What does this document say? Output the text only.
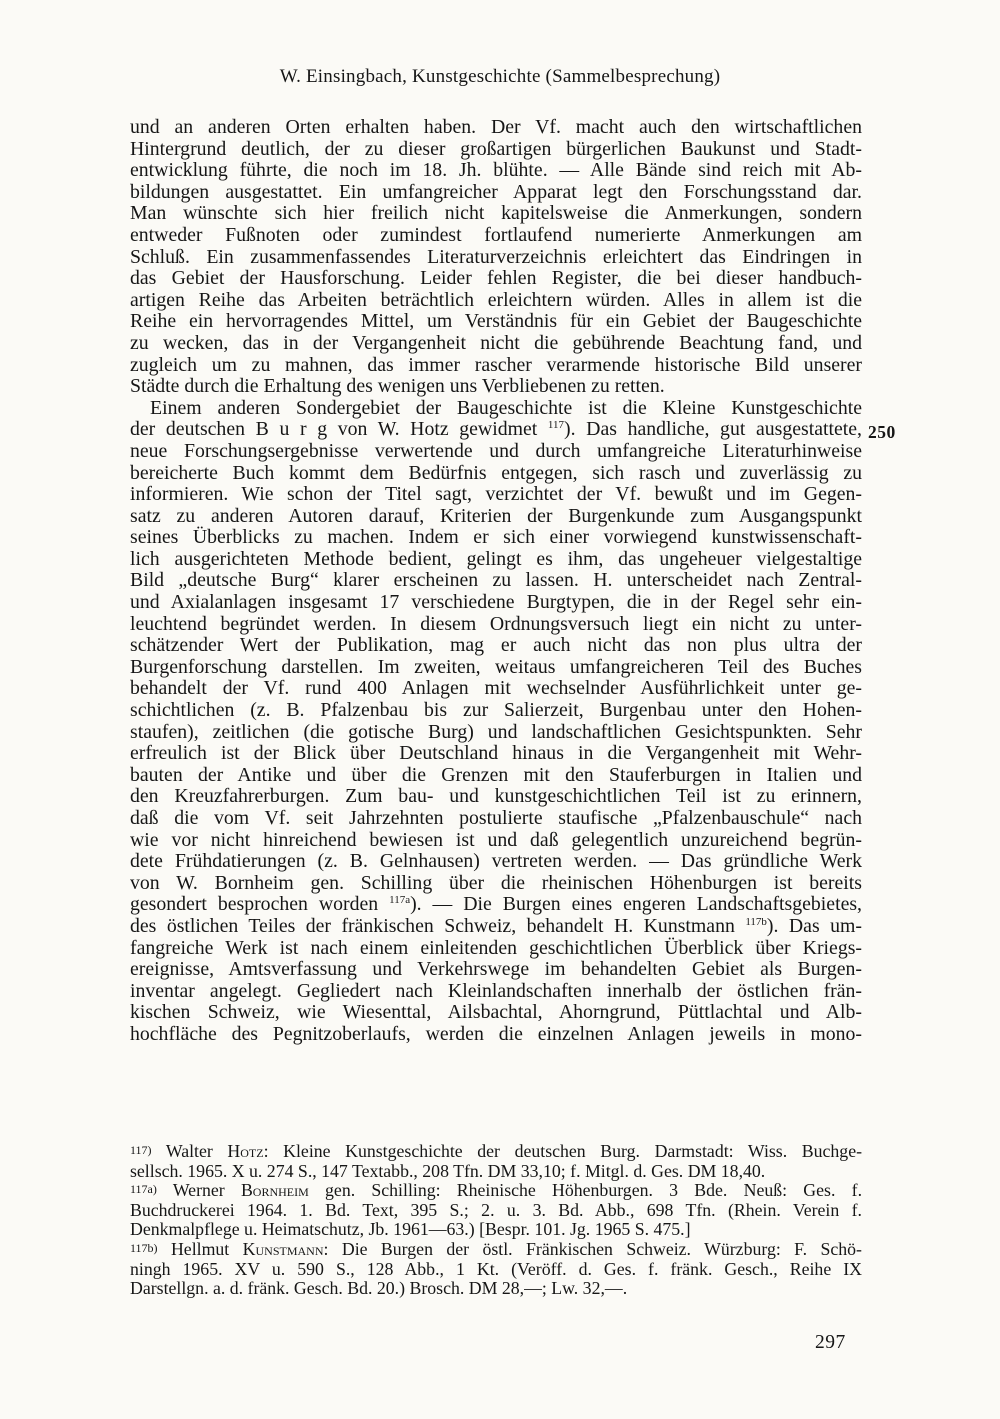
W. Einsingbach, Kunstgeschichte (Sammelbesprechung)
und an anderen Orten erhalten haben. Der Vf. macht auch den wirtschaftlichen
Hintergrund deutlich, der zu dieser großartigen bürgerlichen Baukunst und Stadt-
entwicklung führte, die noch im 18. Jh. blühte. — Alle Bände sind reich mit Ab-
bildungen ausgestattet. Ein umfangreicher Apparat legt den Forschungsstand dar.
Man wünschte sich hier freilich nicht kapitelsweise die Anmerkungen, sondern
entweder Fußnoten oder zumindest fortlaufend numerierte Anmerkungen am
Schluß. Ein zusammenfassendes Literaturverzeichnis erleichtert das Eindringen in
das Gebiet der Hausforschung. Leider fehlen Register, die bei dieser handbuch-
artigen Reihe das Arbeiten beträchtlich erleichtern würden. Alles in allem ist die
Reihe ein hervorragendes Mittel, um Verständnis für ein Gebiet der Baugeschichte
zu wecken, das in der Vergangenheit nicht die gebührende Beachtung fand, und
zugleich um zu mahnen, das immer rascher verarmende historische Bild unserer
Städte durch die Erhaltung des wenigen uns Verbliebenen zu retten.
Einem anderen Sondergebiet der Baugeschichte ist die Kleine Kunstgeschichte
der deutschen B u r g von W. Hotz gewidmet $^{117}$). Das handliche, gut ausgestattete,
neue Forschungsergebnisse verwertende und durch umfangreiche Literaturhinweise
bereicherte Buch kommt dem Bedürfnis entgegen, sich rasch und zuverlässig zu
informieren. Wie schon der Titel sagt, verzichtet der Vf. bewußt und im Gegen-
satz zu anderen Autoren darauf, Kriterien der Burgenkunde zum Ausgangspunkt
seines Überblicks zu machen. Indem er sich einer vorwiegend kunstwissenschaft-
lich ausgerichteten Methode bedient, gelingt es ihm, das ungeheuer vielgestaltige
Bild „deutsche Burg“ klarer erscheinen zu lassen. H. unterscheidet nach Zentral-
und Axialanlagen insgesamt 17 verschiedene Burgtypen, die in der Regel sehr ein-
leuchtend begründet werden. In diesem Ordnungsversuch liegt ein nicht zu unter-
schätzender Wert der Publikation, mag er auch nicht das non plus ultra der
Burgenforschung darstellen. Im zweiten, weitaus umfangreicheren Teil des Buches
behandelt der Vf. rund 400 Anlagen mit wechselnder Ausführlichkeit unter ge-
schichtlichen (z. B. Pfalzenbau bis zur Salierzeit, Burgenbau unter den Hohen-
staufen), zeitlichen (die gotische Burg) und landschaftlichen Gesichtspunkten. Sehr
erfreulich ist der Blick über Deutschland hinaus in die Vergangenheit mit Wehr-
bauten der Antike und über die Grenzen mit den Stauferburgen in Italien und
den Kreuzfahrerburgen. Zum bau- und kunstgeschichtlichen Teil ist zu erinnern,
daß die vom Vf. seit Jahrzehnten postulierte staufische „Pfalzenbauschule“ nach
wie vor nicht hinreichend bewiesen ist und daß gelegentlich unzureichend begrün-
dete Frühdatierungen (z. B. Gelnhausen) vertreten werden. — Das gründliche Werk
von W. Bornheim gen. Schilling über die rheinischen Höhenburgen ist bereits
gesondert besprochen worden $^{117a}$). — Die Burgen eines engeren Landschaftsgebietes,
des östlichen Teiles der fränkischen Schweiz, behandelt H. Kunstmann $^{117b}$). Das um-
fangreiche Werk ist nach einem einleitenden geschichtlichen Überblick über Kriegs-
ereignisse, Amtsverfassung und Verkehrswege im behandelten Gebiet als Burgen-
inventar angelegt. Gegliedert nach Kleinlandschaften innerhalb der östlichen frän-
kischen Schweiz, wie Wiesenttal, Ailsbachtal, Ahorngrund, Püttlachtal und Alb-
hochfläche des Pegnitzoberlaufs, werden die einzelnen Anlagen jeweils in mono-
250
117) Walter Hotz: Kleine Kunstgeschichte der deutschen Burg. Darmstadt: Wiss. Buchge-
sellsch. 1965. X u. 274 S., 147 Textabb., 208 Tfn. DM 33,10; f. Mitgl. d. Ges. DM 18,40.
117a) Werner Bornheim gen. Schilling: Rheinische Höhenburgen. 3 Bde. Neuß: Ges. f.
Buchdruckerei 1964. 1. Bd. Text, 395 S.; 2. u. 3. Bd. Abb., 698 Tfn. (Rhein. Verein f.
Denkmalpflege u. Heimatschutz, Jb. 1961—63.) [Bespr. 101. Jg. 1965 S. 475.]
117b) Hellmut Kunstmann: Die Burgen der östl. Fränkischen Schweiz. Würzburg: F. Schö-
ningh 1965. XV u. 590 S., 128 Abb., 1 Kt. (Veröff. d. Ges. f. fränk. Gesch., Reihe IX
Darstellgn. a. d. fränk. Gesch. Bd. 20.) Brosch. DM 28,—; Lw. 32,—.
297
